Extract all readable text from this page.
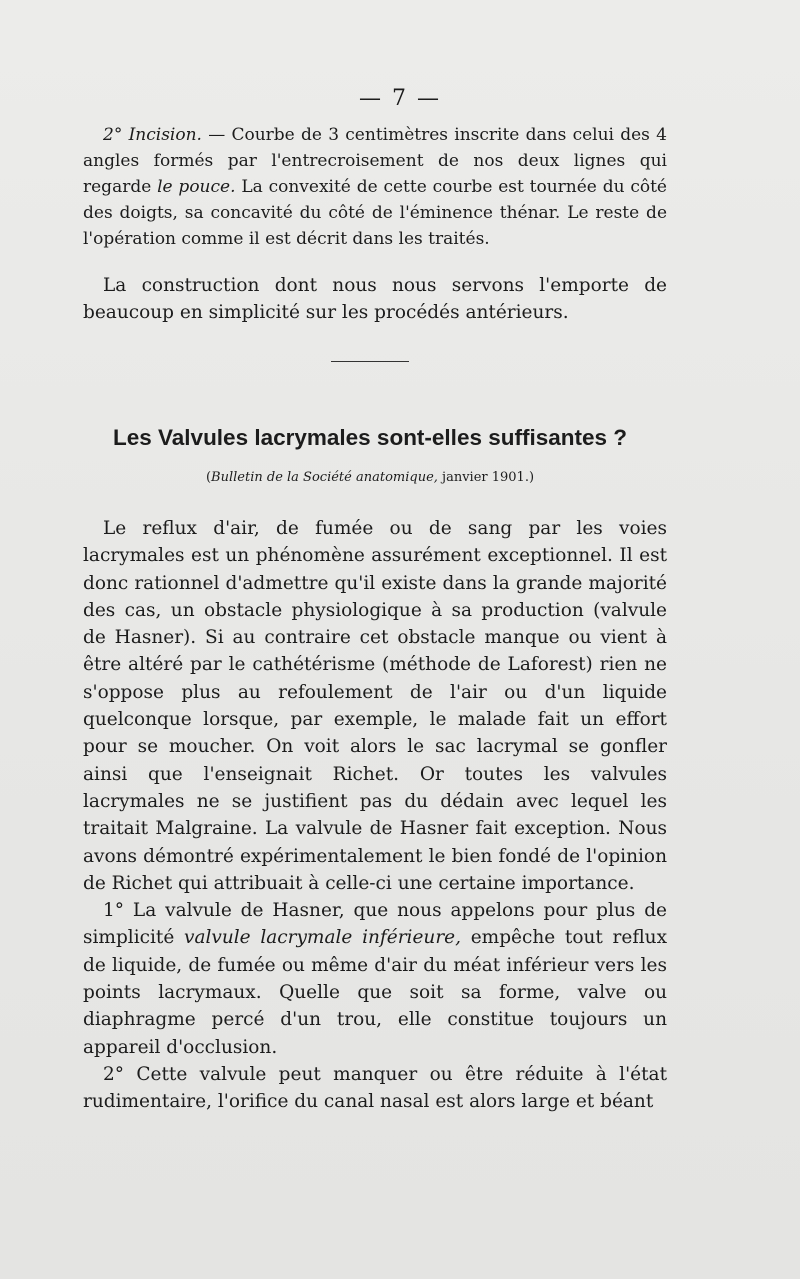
— 7 —

2° Incision. — Courbe de 3 centimètres inscrite dans celui des 4 angles formés par l'entrecroisement de nos deux lignes qui regarde le pouce. La convexité de cette courbe est tournée du côté des doigts, sa concavité du côté de l'éminence thénar. Le reste de l'opération comme il est décrit dans les traités.

La construction dont nous nous servons l'emporte de beaucoup en simplicité sur les procédés antérieurs.

Les Valvules lacrymales sont-elles suffisantes ?
(Bulletin de la Société anatomique, janvier 1901.)

Le reflux d'air, de fumée ou de sang par les voies lacrymales est un phénomène assurément exceptionnel. Il est donc rationnel d'admettre qu'il existe dans la grande majorité des cas, un obstacle physiologique à sa production (valvule de Hasner). Si au contraire cet obstacle manque ou vient à être altéré par le cathétérisme (méthode de Laforest) rien ne s'oppose plus au refoulement de l'air ou d'un liquide quelconque lorsque, par exemple, le malade fait un effort pour se moucher. On voit alors le sac lacrymal se gonfler ainsi que l'enseignait Richet. Or toutes les valvules lacrymales ne se justifient pas du dédain avec lequel les traitait Malgraine. La valvule de Hasner fait exception. Nous avons démontré expérimentalement le bien fondé de l'opinion de Richet qui attribuait à celle-ci une certaine importance.

1° La valvule de Hasner, que nous appelons pour plus de simplicité valvule lacrymale inférieure, empêche tout reflux de liquide, de fumée ou même d'air du méat inférieur vers les points lacrymaux. Quelle que soit sa forme, valve ou diaphragme percé d'un trou, elle constitue toujours un appareil d'occlusion.

2° Cette valvule peut manquer ou être réduite à l'état rudimentaire, l'orifice du canal nasal est alors large et béant
